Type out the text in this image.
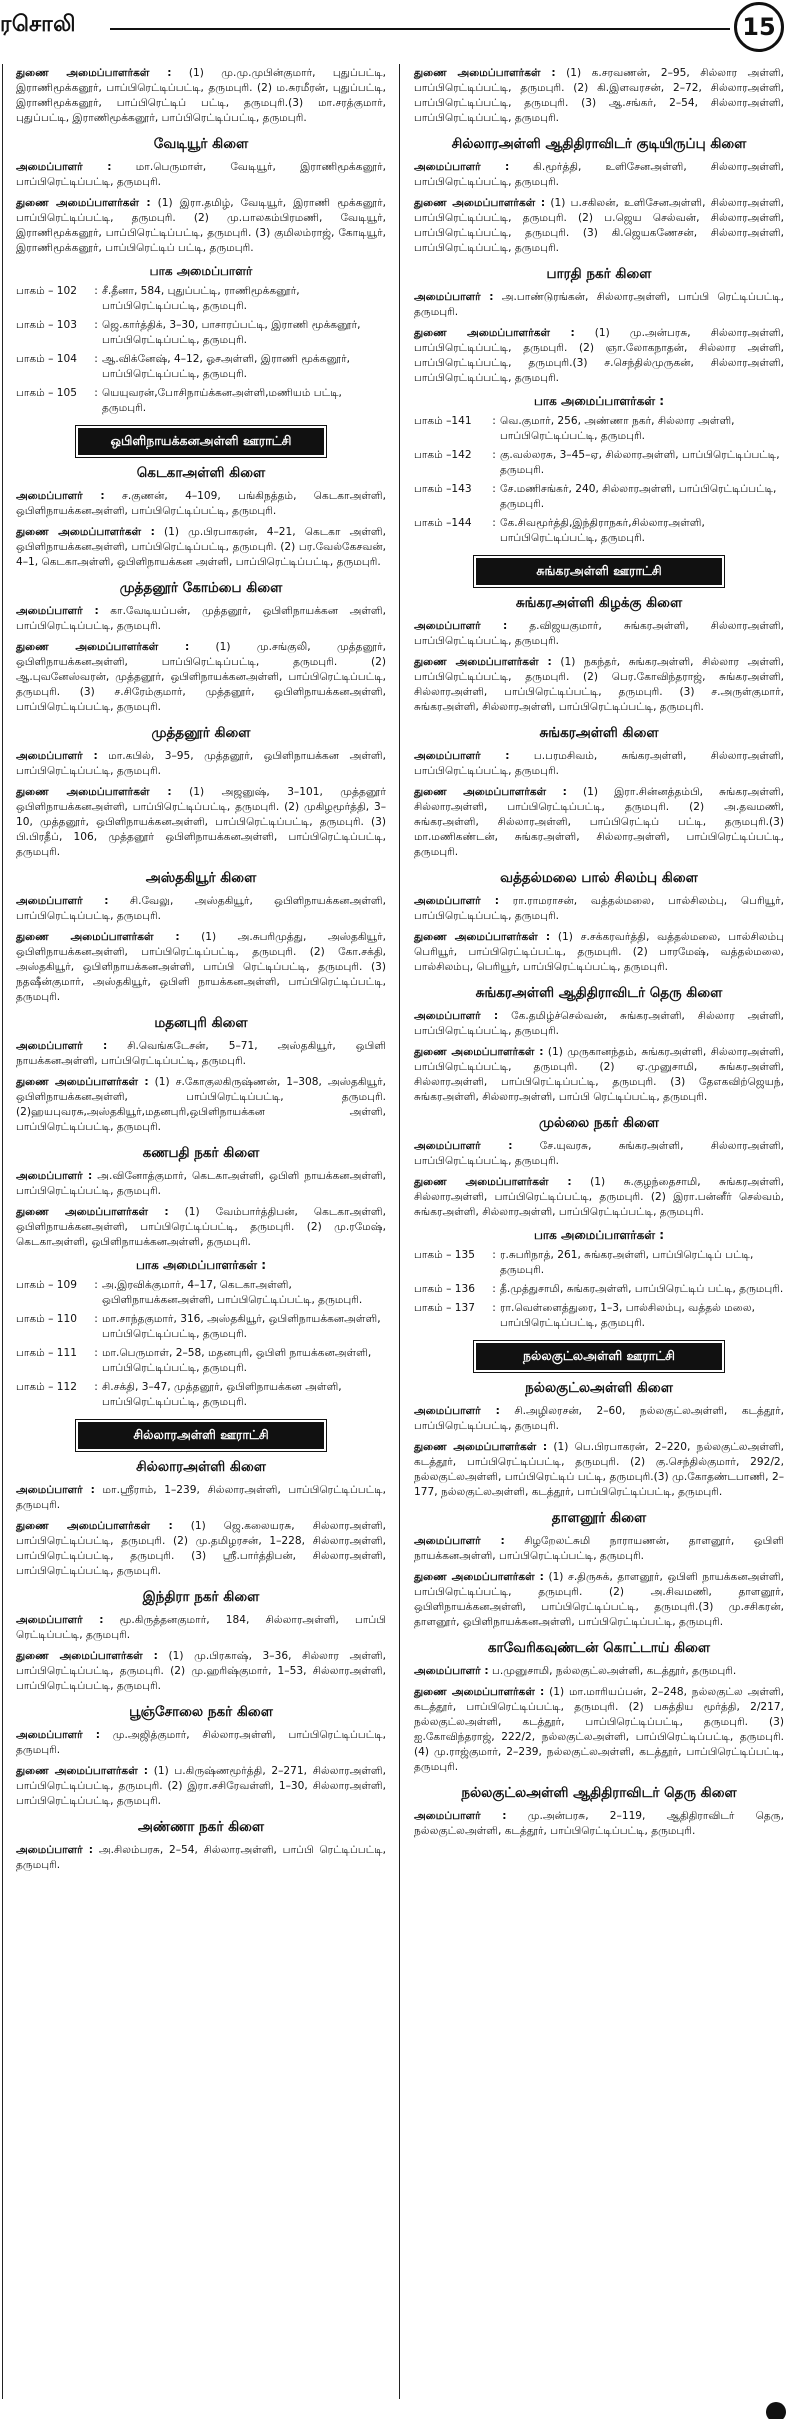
ரசொலி	15
துணை அமைப்பாளர்கள் : (1) மு.மு.முபின்குமார், புதுப்பட்டி, இராணிமூக்கனூர், பாப்பிரெட்டிப்பட்டி, தருமபுரி. (2) ம.சுரமீரன், புதுப்பட்டி, இராணிமூக்கனூர், பாப்பிரெட்டிப் பட்டி, தருமபுரி.(3) மா.சரத்குமார், புதுப்பட்டி, இராணிமூக்கனூர், பாப்பிரெட்டிப்பட்டி, தருமபுரி.
வேடியூர் கிளை
அமைப்பாளர் : மா.பெருமாள், வேடியூர், இராணிமூக்கனூர், பாப்பிரெட்டிப்பட்டி, தருமபுரி.
துணை அமைப்பாளர்கள் : (1) இரா.தமிழ், வேடியூர், இராணி மூக்கனூர், பாப்பிரெட்டிப்பட்டி, தருமபுரி. (2) மு.பாலகம்பிரமணி, வேடியூர், இராணிமூக்கனூர், பாப்பிரெட்டிப்பட்டி, தருமபுரி. (3) குமிலம்ராஜ், கோடியூர், இராணிமூக்கனூர், பாப்பிரெட்டிப் பட்டி, தருமபுரி.
பாக அமைப்பாளர்
பாகம் – 102	: சீ.தீனா, 584, புதுப்பட்டி, ராணிமூக்கனூர், பாப்பிரெட்டிப்பட்டி, தருமபுரி.
பாகம் – 103	: ஜெ.கார்த்திக், 3–30, பாசாரப்பட்டி, இராணி மூக்கனூர், பாப்பிரெட்டிப்பட்டி, தருமபுரி.
பாகம் – 104	: ஆ.விக்னேஷ், 4–12, ஓசஅள்ளி, இராணி மூக்கனூர், பாப்பிரெட்டிப்பட்டி, தருமபுரி.
பாகம் – 105	: யெயுவரன்,போசிநாய்க்கனஅள்ளி,மணியம் பட்டி, தருமபுரி.
ஒபிளிநாயக்கனஅள்ளி ஊராட்சி
கெடகாஅள்ளி கிளை
அமைப்பாளர் : ச.குணன், 4–109, பங்கிநத்தம், கெடகாஅள்ளி, ஒபிளிநாயக்கனஅள்ளி, பாப்பிரெட்டிப்பட்டி, தருமபுரி.
துணை அமைப்பாளர்கள் : (1) மு.பிரபாகரன், 4–21, கெடகா அள்ளி, ஒபிளிநாயக்கனஅள்ளி, பாப்பிரெட்டிப்பட்டி, தருமபுரி. (2) பர.வேல்கேசவன், 4–1, கெடகாஅள்ளி, ஒபிளிநாயக்கன அள்ளி, பாப்பிரெட்டிப்பட்டி, தருமபுரி.
முத்தனூர் கோம்பை கிளை
அமைப்பாளர் : கா.வேடியப்பன், முத்தனூர், ஒபிளிநாயக்கன அள்ளி, பாப்பிரெட்டிப்பட்டி, தருமபுரி.
துணை அமைப்பாளர்கள் : (1) மு.சங்குலி, முத்தனூர், ஒபிளிநாயக்கனஅள்ளி, பாப்பிரெட்டிப்பட்டி, தருமபுரி. (2) ஆ.புவனேஸ்வரன், முத்தனூர், ஒபிளிநாயக்கனஅள்ளி, பாப்பிரெட்டிப்பட்டி, தருமபுரி. (3) ச.சிரேம்குமார், முத்தனூர், ஒபிளிநாயக்கனஅள்ளி, பாப்பிரெட்டிப்பட்டி, தருமபுரி.
முத்தனூர் கிளை
அமைப்பாளர் : மா.கபில், 3–95, முத்தனூர், ஒபிளிநாயக்கன அள்ளி, பாப்பிரெட்டிப்பட்டி, தருமபுரி.
துணை அமைப்பாளர்கள் : (1) அஜனுஷ், 3–101, முத்தனூர் ஒபிளிநாயக்கனஅள்ளி, பாப்பிரெட்டிப்பட்டி, தருமபுரி. (2) முகிழமூர்த்தி, 3–10, முத்தனூர், ஒபிளிநாயக்கனஅள்ளி, பாப்பிரெட்டிப்பட்டி, தருமபுரி. (3) பி.பிரதீப், 106, முத்தனூர் ஒபிளிநாயக்கனஅள்ளி, பாப்பிரெட்டிப்பட்டி, தருமபுரி.
அஸ்தகியூர் கிளை
அமைப்பாளர் : சி.வேலு, அஸ்தகியூர், ஒபிளிநாயக்கனஅள்ளி, பாப்பிரெட்டிப்பட்டி, தருமபுரி.
துணை அமைப்பாளர்கள் : (1) அ.சுபரிமுத்து, அஸ்தகியூர், ஒபிளிநாயக்கனஅள்ளி, பாப்பிரெட்டிப்பட்டி, தருமபுரி. (2) கோ.சக்தி, அஸ்தகியூர், ஒபிளிநாயக்கனஅள்ளி, பாப்பி ரெட்டிப்பட்டி, தருமபுரி. (3) நதஷீன்குமார், அஸ்தகியூர், ஒபிளி நாயக்கனஅள்ளி, பாப்பிரெட்டிப்பட்டி, தருமபுரி.
மதனபுரி கிளை
அமைப்பாளர் : சி.வெங்கடேசன், 5–71, அஸ்தகியூர், ஒபிளி நாயக்கனஅள்ளி, பாப்பிரெட்டிப்பட்டி, தருமபுரி.
துணை அமைப்பாளர்கள் : (1) ச.கோகுலகிருஷ்ணன், 1–308, அஸ்தகியூர், ஒபிளிநாயக்கனஅள்ளி, பாப்பிரெட்டிப்பட்டி, தருமபுரி.(2)ஹயபுவரசு,அஸ்தகியூர்,மதனபுரி,ஒபிளிநாயக்கன அள்ளி, பாப்பிரெட்டிப்பட்டி, தருமபுரி.
கணபதி நகர் கிளை
அமைப்பாளர் : அ.வினோத்குமார், கெடகாஅள்ளி, ஒபிளி நாயக்கனஅள்ளி, பாப்பிரெட்டிப்பட்டி, தருமபுரி.
துணை அமைப்பாளர்கள் : (1) வேம்பார்த்திபன், கெடகாஅள்ளி, ஒபிளிநாயக்கனஅள்ளி, பாப்பிரெட்டிப்பட்டி, தருமபுரி. (2) மு.ரமேஷ், கெடகாஅள்ளி, ஒபிளிநாயக்கனஅள்ளி, தருமபுரி.
பாக அமைப்பாளர்கள் :
பாகம் – 109	: அ.இரவிக்குமார், 4–17, கெடகாஅள்ளி, ஒபிளிநாயக்கனஅள்ளி, பாப்பிரெட்டிப்பட்டி, தருமபுரி.
பாகம் – 110	: மா.சாந்தகுமார், 316, அஸ்தகியூர், ஒபிளிநாயக்கனஅள்ளி, பாப்பிரெட்டிப்பட்டி, தருமபுரி.
பாகம் – 111	: மா.பெருமாள், 2–58, மதனபுரி, ஒபிளி நாயக்கனஅள்ளி, பாப்பிரெட்டிப்பட்டி, தருமபுரி.
பாகம் – 112	: சி.சக்தி, 3–47, முத்தனூர், ஒபிளிநாயக்கன அள்ளி, பாப்பிரெட்டிப்பட்டி, தருமபுரி.
சில்லாரஅள்ளி ஊராட்சி
சில்லாரஅள்ளி கிளை
அமைப்பாளர் : மா.ஸ்ரீராம், 1–239, சில்லாரஅள்ளி, பாப்பிரெட்டிப்பட்டி, தருமபுரி.
துணை அமைப்பாளர்கள் : (1) ஜெ.கலையரசு, சில்லாரஅள்ளி, பாப்பிரெட்டிப்பட்டி, தருமபுரி. (2) மு.தமிழரசன், 1–228, சில்லாரஅள்ளி, பாப்பிரெட்டிப்பட்டி, தருமபுரி. (3) ஸ்ரீ.பார்த்திபன், சில்லாரஅள்ளி, பாப்பிரெட்டிப்பட்டி, தருமபுரி.
இந்திரா நகர் கிளை
அமைப்பாளர் : மூ.கிருத்தனகுமார், 184, சில்லாரஅள்ளி, பாப்பி ரெட்டிப்பட்டி, தருமபுரி.
துணை அமைப்பாளர்கள் : (1) மு.பிரகாஷ், 3–36, சில்லார அள்ளி, பாப்பிரெட்டிப்பட்டி, தருமபுரி. (2) மு.ஹரிஷ்குமார், 1–53, சில்லாரஅள்ளி, பாப்பிரெட்டிப்பட்டி, தருமபுரி.
பூஞ்சோலை நகர் கிளை
அமைப்பாளர் : மு.அஜித்குமார், சில்லாரஅள்ளி, பாப்பிரெட்டிப்பட்டி, தருமபுரி.
துணை அமைப்பாளர்கள் : (1) ப.கிருஷ்ணமூர்த்தி, 2–271, சில்லாரஅள்ளி, பாப்பிரெட்டிப்பட்டி, தருமபுரி. (2) இரா.சசிரேவள்ளி, 1–30, சில்லாரஅள்ளி, பாப்பிரெட்டிப்பட்டி, தருமபுரி.
அண்ணா நகர் கிளை
அமைப்பாளர் : அ.சிலம்பரசு, 2–54, சில்லாரஅள்ளி, பாப்பி ரெட்டிப்பட்டி, தருமபுரி.
துணை அமைப்பாளர்கள் : (1) க.சரவணன், 2–95, சில்லார அள்ளி, பாப்பிரெட்டிப்பட்டி, தருமபுரி. (2) கி.இளவரசன், 2–72, சில்லாரஅள்ளி, பாப்பிரெட்டிப்பட்டி, தருமபுரி. (3) ஆ.சங்கர், 2–54, சில்லாரஅள்ளி, பாப்பிரெட்டிப்பட்டி, தருமபுரி.
சில்லாரஅள்ளி ஆதிதிராவிடர் குடியிருப்பு கிளை
அமைப்பாளர் : கி.மூர்த்தி, உளிசேனஅள்ளி, சில்லாரஅள்ளி, பாப்பிரெட்டிப்பட்டி, தருமபுரி.
துணை அமைப்பாளர்கள் : (1) ப.சகிலன், உளிசேனஅள்ளி, சில்லாரஅள்ளி, பாப்பிரெட்டிப்பட்டி, தருமபுரி. (2) ப.ஜெய செல்வன், சில்லாரஅள்ளி, பாப்பிரெட்டிப்பட்டி, தருமபுரி. (3) கி.ஜெயகணேசன், சில்லாரஅள்ளி, பாப்பிரெட்டிப்பட்டி, தருமபுரி.
பாரதி நகர் கிளை
அமைப்பாளர் : அ.பாண்டுரங்கன், சில்லாரஅள்ளி, பாப்பி ரெட்டிப்பட்டி, தருமபுரி.
துணை அமைப்பாளர்கள் : (1) மு.அன்பரசு, சில்லாரஅள்ளி, பாப்பிரெட்டிப்பட்டி, தருமபுரி. (2) ஞா.லோகநாதன், சில்லார அள்ளி, பாப்பிரெட்டிப்பட்டி, தருமபுரி.(3) ச.செந்தில்முருகன், சில்லாரஅள்ளி, பாப்பிரெட்டிப்பட்டி, தருமபுரி.
பாக அமைப்பாளர்கள் :
பாகம் –141	: வெ.குமார், 256, அண்ணா நகர், சில்லார அள்ளி, பாப்பிரெட்டிப்பட்டி, தருமபுரி.
பாகம் –142	: கு.வல்லரசு, 3–45–ஏ, சில்லாரஅள்ளி, பாப்பிரெட்டிப்பட்டி, தருமபுரி.
பாகம் –143	: சே.மணிசங்கர், 240, சில்லாரஅள்ளி, பாப்பிரெட்டிப்பட்டி, தருமபுரி.
பாகம் –144	: கே.சிவமூர்த்தி,இந்திராநகர்,சில்லாரஅள்ளி, பாப்பிரெட்டிப்பட்டி, தருமபுரி.
சுங்கரஅள்ளி ஊராட்சி
சுங்கரஅள்ளி கிழக்கு கிளை
அமைப்பாளர் : த.விஜயகுமார், சுங்கரஅள்ளி, சில்லாரஅள்ளி, பாப்பிரெட்டிப்பட்டி, தருமபுரி.
துணை அமைப்பாளர்கள் : (1) நகந்தர், சுங்கரஅள்ளி, சில்லார அள்ளி, பாப்பிரெட்டிப்பட்டி, தருமபுரி. (2) பெர.கோவிந்தராஜ், சுங்கரஅள்ளி, சில்லாரஅள்ளி, பாப்பிரெட்டிப்பட்டி, தருமபுரி. (3) ச.அருள்குமார், சுங்கரஅள்ளி, சில்லாரஅள்ளி, பாப்பிரெட்டிப்பட்டி, தருமபுரி.
சுங்கரஅள்ளி கிளை
அமைப்பாளர் : ப.பரமசிவம், சுங்கரஅள்ளி, சில்லாரஅள்ளி, பாப்பிரெட்டிப்பட்டி, தருமபுரி.
துணை அமைப்பாளர்கள் : (1) இரா.சின்னத்தம்பி, சுங்கரஅள்ளி, சில்லாரஅள்ளி, பாப்பிரெட்டிப்பட்டி, தருமபுரி. (2) அ.தவமணி, சுங்கரஅள்ளி, சில்லாரஅள்ளி, பாப்பிரெட்டிப் பட்டி, தருமபுரி.(3) மா.மணிகண்டன், சுங்கரஅள்ளி, சில்லாரஅள்ளி, பாப்பிரெட்டிப்பட்டி, தருமபுரி.
வத்தல்மலை பால் சிலம்பு கிளை
அமைப்பாளர் : ரா.ராமராசன், வத்தல்மலை, பால்சிலம்பு, பெரியூர், பாப்பிரெட்டிப்பட்டி, தருமபுரி.
துணை அமைப்பாளர்கள் : (1) ச.சக்கரவர்த்தி, வத்தல்மலை, பால்சிலம்பு பெரியூர், பாப்பிரெட்டிப்பட்டி, தருமபுரி. (2) பாரமேஷ், வத்தல்மலை, பால்சிலம்பு, பெரியூர், பாப்பிரெட்டிப்பட்டி, தருமபுரி.
சுங்கரஅள்ளி ஆதிதிராவிடர் தெரு கிளை
அமைப்பாளர் : கே.தமிழ்ச்செல்வன், சுங்கரஅள்ளி, சில்லார அள்ளி, பாப்பிரெட்டிப்பட்டி, தருமபுரி.
துணை அமைப்பாளர்கள் : (1) முருகானந்தம், சுங்கரஅள்ளி, சில்லாரஅள்ளி, பாப்பிரெட்டிப்பட்டி, தருமபுரி. (2) ஏ.முனுசாமி, சுங்கரஅள்ளி, சில்லாரஅள்ளி, பாப்பிரெட்டிப்பட்டி, தருமபுரி. (3) தேஎகவிற்ஜெயந், சுங்கரஅள்ளி, சில்லாரஅள்ளி, பாப்பி ரெட்டிப்பட்டி, தருமபுரி.
முல்லை நகர் கிளை
அமைப்பாளர் :	சே.யுவரசு, சுங்கரஅள்ளி, சில்லாரஅள்ளி, பாப்பிரெட்டிப்பட்டி, தருமபுரி.
துணை அமைப்பாளர்கள் : (1) சு.குழந்தைசாமி, சுங்கரஅள்ளி, சில்லாரஅள்ளி, பாப்பிரெட்டிப்பட்டி, தருமபுரி. (2) இரா.பன்னீர் செல்வம், சுங்கரஅள்ளி, சில்லாரஅள்ளி, பாப்பிரெட்டிப்பட்டி, தருமபுரி.
பாக அமைப்பாளர்கள் :
பாகம் – 135	: ர.சுபரிநாத், 261, சுங்கரஅள்ளி, பாப்பிரெட்டிப் பட்டி, தருமபுரி.
பாகம் – 136	: தீ.முத்துசாமி, சுங்கரஅள்ளி, பாப்பிரெட்டிப் பட்டி, தருமபுரி.
பாகம் – 137	: ரா.வெள்ளைத்துரை, 1–3, பால்சிலம்பு, வத்தல் மலை, பாப்பிரெட்டிப்பட்டி, தருமபுரி.
நல்லகுட்லஅள்ளி ஊராட்சி
நல்லகுட்லஅள்ளி கிளை
அமைப்பாளர் : சி.அழிலரசன், 2–60, நல்லகுட்லஅள்ளி, கடத்தூர், பாப்பிரெட்டிப்பட்டி, தருமபுரி.
துணை அமைப்பாளர்கள் : (1) பெ.பிரபாகரன், 2–220, நல்லகுட்லஅள்ளி, கடத்தூர், பாப்பிரெட்டிப்பட்டி, தருமபுரி. (2) கு.செந்தில்குமார், 292/2, நல்லகுட்லஅள்ளி, பாப்பிரெட்டிப் பட்டி, தருமபுரி.(3) மு.கோதண்டபாணி, 2–177, நல்லகுட்லஅள்ளி, கடத்தூர், பாப்பிரெட்டிப்பட்டி, தருமபுரி.
தாளனூர் கிளை
அமைப்பாளர் : சிழறேலட்சுமி நாராயணன், தாளனூர், ஒபிளி நாயக்கனஅள்ளி, பாப்பிரெட்டிப்பட்டி, தருமபுரி.
துணை அமைப்பாளர்கள் : (1) ச.திருசுக், தாளனூர், ஒபிளி நாயக்கனஅள்ளி, பாப்பிரெட்டிப்பட்டி, தருமபுரி. (2) அ.சிவமணி, தாளனூர், ஒபிளிநாயக்கனஅள்ளி, பாப்பிரெட்டிப்பட்டி, தருமபுரி.(3) மு.சசிகரன், தாளனூர், ஒபிளிநாயக்கனஅள்ளி, பாப்பிரெட்டிப்பட்டி, தருமபுரி.
காவேரிகவுண்டன் கொட்டாய் கிளை
அமைப்பாளர் : ப.முனுசாமி, நல்லகுட்லஅள்ளி, கடத்தூர், தருமபுரி.
துணை அமைப்பாளர்கள் : (1) மா.மாரியப்பன், 2–248, நல்லகுட்ல அள்ளி, கடத்தூர், பாப்பிரெட்டிப்பட்டி, தருமபுரி. (2) பசுத்திய மூர்த்தி, 2/217, நல்லகுட்லஅள்ளி, கடத்தூர், பாப்பிரெட்டிப்பட்டி, தருமபுரி. (3) ஐ.கோவிந்தராஜ், 222/2, நல்லகுட்லஅள்ளி, பாப்பிரெட்டிப்பட்டி, தருமபுரி.(4) மு.ராஜ்குமார், 2–239, நல்லகுட்லஅள்ளி, கடத்தூர், பாப்பிரெட்டிப்பட்டி, தருமபுரி.
நல்லகுட்லஅள்ளி ஆதிதிராவிடர் தெரு கிளை
அமைப்பாளர் : மு.அன்பரசு, 2–119, ஆதிதிராவிடர் தெரு, நல்லகுட்லஅள்ளி, கடத்தூர், பாப்பிரெட்டிப்பட்டி, தருமபுரி.
